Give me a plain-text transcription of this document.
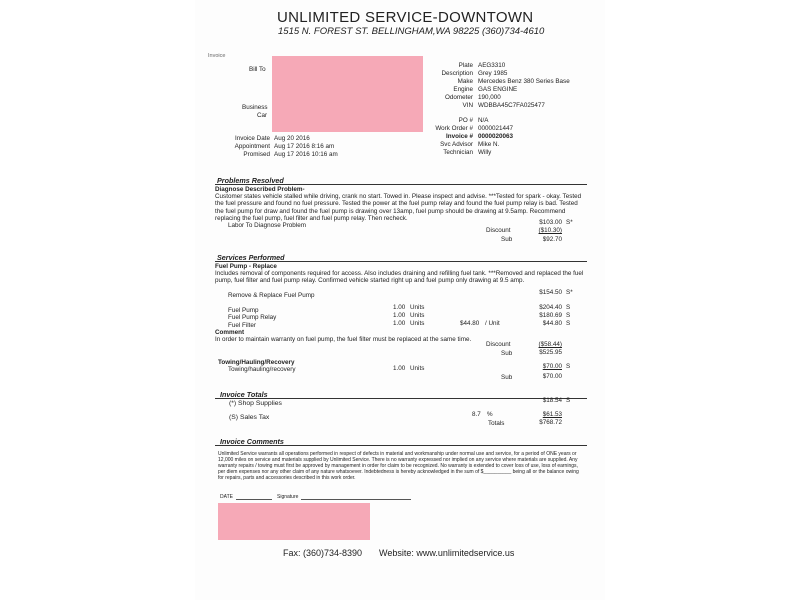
UNLIMITED SERVICE-DOWNTOWN
1515 N. FOREST ST. BELLINGHAM,WA 98225 (360)734-4610
Invoice
Bill To
Business
Car
Plate AEG3310
Description Grey 1985
Make Mercedes Benz 380 Series Base
Engine GAS ENGINE
Odometer 190,000
VIN WDBBA45C7FA025477
PO # N/A
Work Order # 0000021447
Invoice # 0000020063
Svc Advisor Mike N.
Technician Willy
Invoice Date Aug 20 2016
Appointment Aug 17 2016 8:16 am
Promised Aug 17 2016 10:16 am
Problems Resolved
Diagnose Described Problem-
Customer states vehicle stalled while driving, crank no start. Towed in. Please inspect and advise. ***Tested for spark - okay. Tested the fuel pressure and found no fuel pressure. Tested the power at the fuel pump relay and found the fuel pump relay is bad. Tested the fuel pump for draw and found the fuel pump is drawing over 13amp, fuel pump should be drawing at 9.5amp. Recommend replacing the fuel pump, fuel filter and fuel pump relay. Then recheck.
Labor To Diagnose Problem	$103.00 S*
Discount	($10.30)
Sub	$92.70
Services Performed
Fuel Pump - Replace
Includes removal of components required for access. Also includes draining and refilling fuel tank. ***Removed and replaced the fuel pump, fuel filter and fuel pump relay. Confirmed vehicle started right up and fuel pump only drawing at 9.5 amp.
Remove & Replace Fuel Pump	$154.50 S*
Fuel Pump	1.00 Units	$204.40 S
Fuel Pump Relay	1.00 Units	$180.69 S
Fuel Filter	1.00 Units	$44.80 / Unit	$44.80 S
Comment
In order to maintain warranty on fuel pump, the fuel filter must be replaced at the same time.
Discount	($58.44)
Sub	$525.95
Towing/Hauling/Recovery
Towing/hauling/recovery	1.00 Units	$70.00 S
Sub	$70.00
Invoice Totals
(*) Shop Supplies	$18.54 S
(S) Sales Tax	8.7 %	$61.53
Totals	$768.72
Invoice Comments
Unlimited Service warrants all operations performed in respect of defects in material and workmanship under normal use and service, for a period of ONE years or 12,000 miles on service and materials supplied by Unlimited Service. There is no warranty expressed nor implied on any service where materials are supplied. Any warranty repairs / towing must first be approved by management in order for claim to be recognized. No warranty is extended to cover loss of use, loss of earnings, per diem expenses nor any other claim of any nature whatsoever. Indebtedness is hereby acknowledged in the sum of $__________ being all or the balance owing for repairs, parts and accessories described in this work order.
DATE	Signature
Fax: (360)734-8390 Website: www.unlimitedservice.us
